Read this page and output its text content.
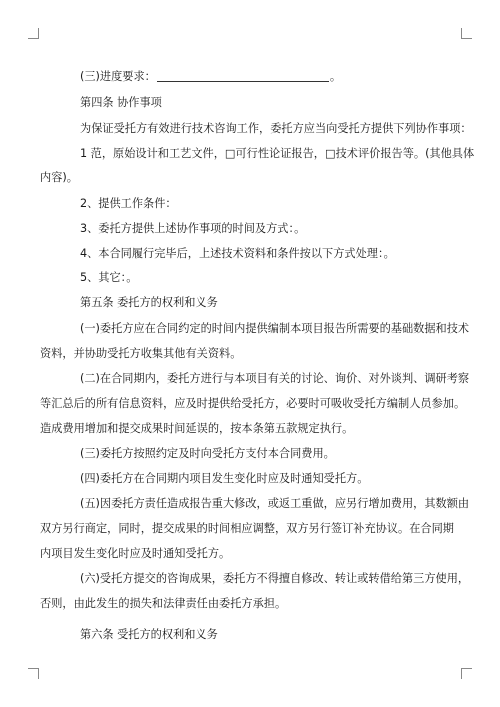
(三)进度要求：	。
第四条 协作事项
为保证受托方有效进行技术咨询工作，委托方应当向受托方提供下列协作事项：
1 范，原始设计和工艺文件，□可行性论证报告，□技术评价报告等。(其他具体
内容)。
2、提供工作条件：
3、委托方提供上述协作事项的时间及方式：。
4、本合同履行完毕后，上述技术资料和条件按以下方式处理：。
5、其它：。
第五条 委托方的权利和义务
(一)委托方应在合同约定的时间内提供编制本项目报告所需要的基础数据和技术
资料，并协助受托方收集其他有关资料。
(二)在合同期内，委托方进行与本项目有关的讨论、询价、对外谈判、调研考察
等汇总后的所有信息资料，应及时提供给受托方，必要时可吸收受托方编制人员参加。
造成费用增加和提交成果时间延误的，按本条第五款规定执行。
(三)委托方按照约定及时向受托方支付本合同费用。
(四)委托方在合同期内项目发生变化时应及时通知受托方。
(五)因委托方责任造成报告重大修改，或返工重做，应另行增加费用，其数额由
双方另行商定，同时，提交成果的时间相应调整，双方另行签订补充协议。在合同期
内项目发生变化时应及时通知受托方。
(六)受托方提交的咨询成果，委托方不得擅自修改、转让或转借给第三方使用，
否则，由此发生的损失和法律责任由委托方承担。
第六条 受托方的权利和义务
